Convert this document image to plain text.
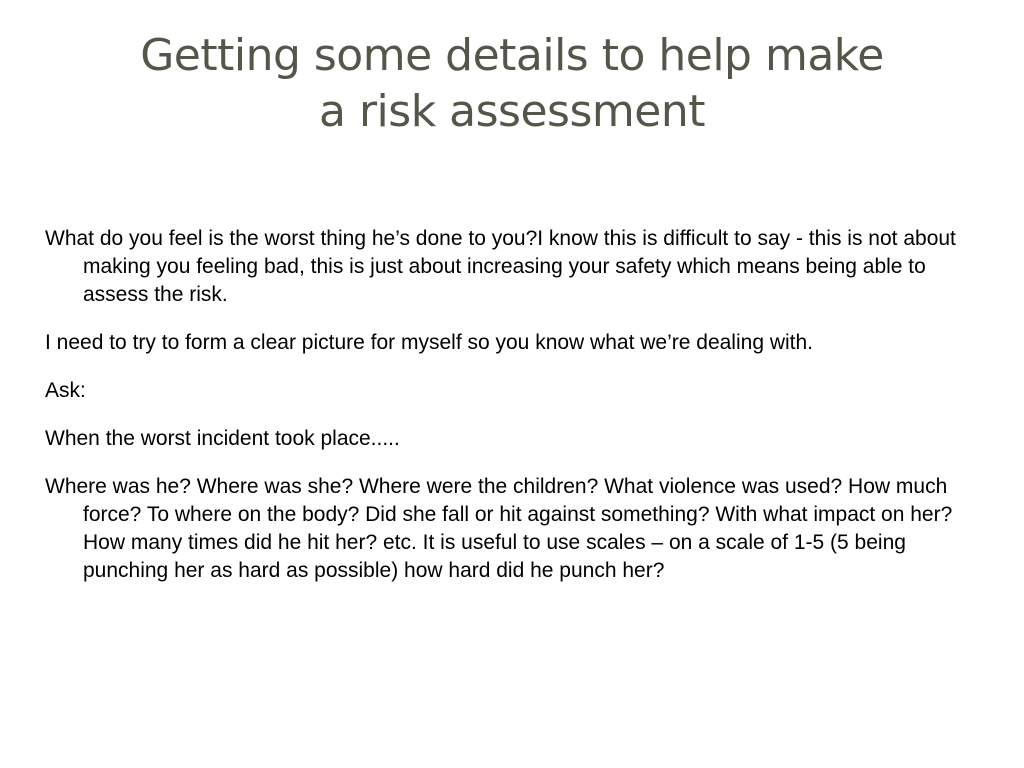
Getting some details to help make
a risk assessment

What do you feel is the worst thing he’s done to you?I know this is difficult to say - this is not about making you feeling bad, this is just about increasing your safety which means being able to assess the risk.

I need to try to form a clear picture for myself so you know what we’re dealing with.

Ask:

When the worst incident took place.....

Where was he? Where was she? Where were the children? What violence was used? How much force? To where on the body? Did she fall or hit against something? With what impact on her? How many times did he hit her? etc. It is useful to use scales – on a scale of 1-5 (5 being punching her as hard as possible) how hard did he punch her?
